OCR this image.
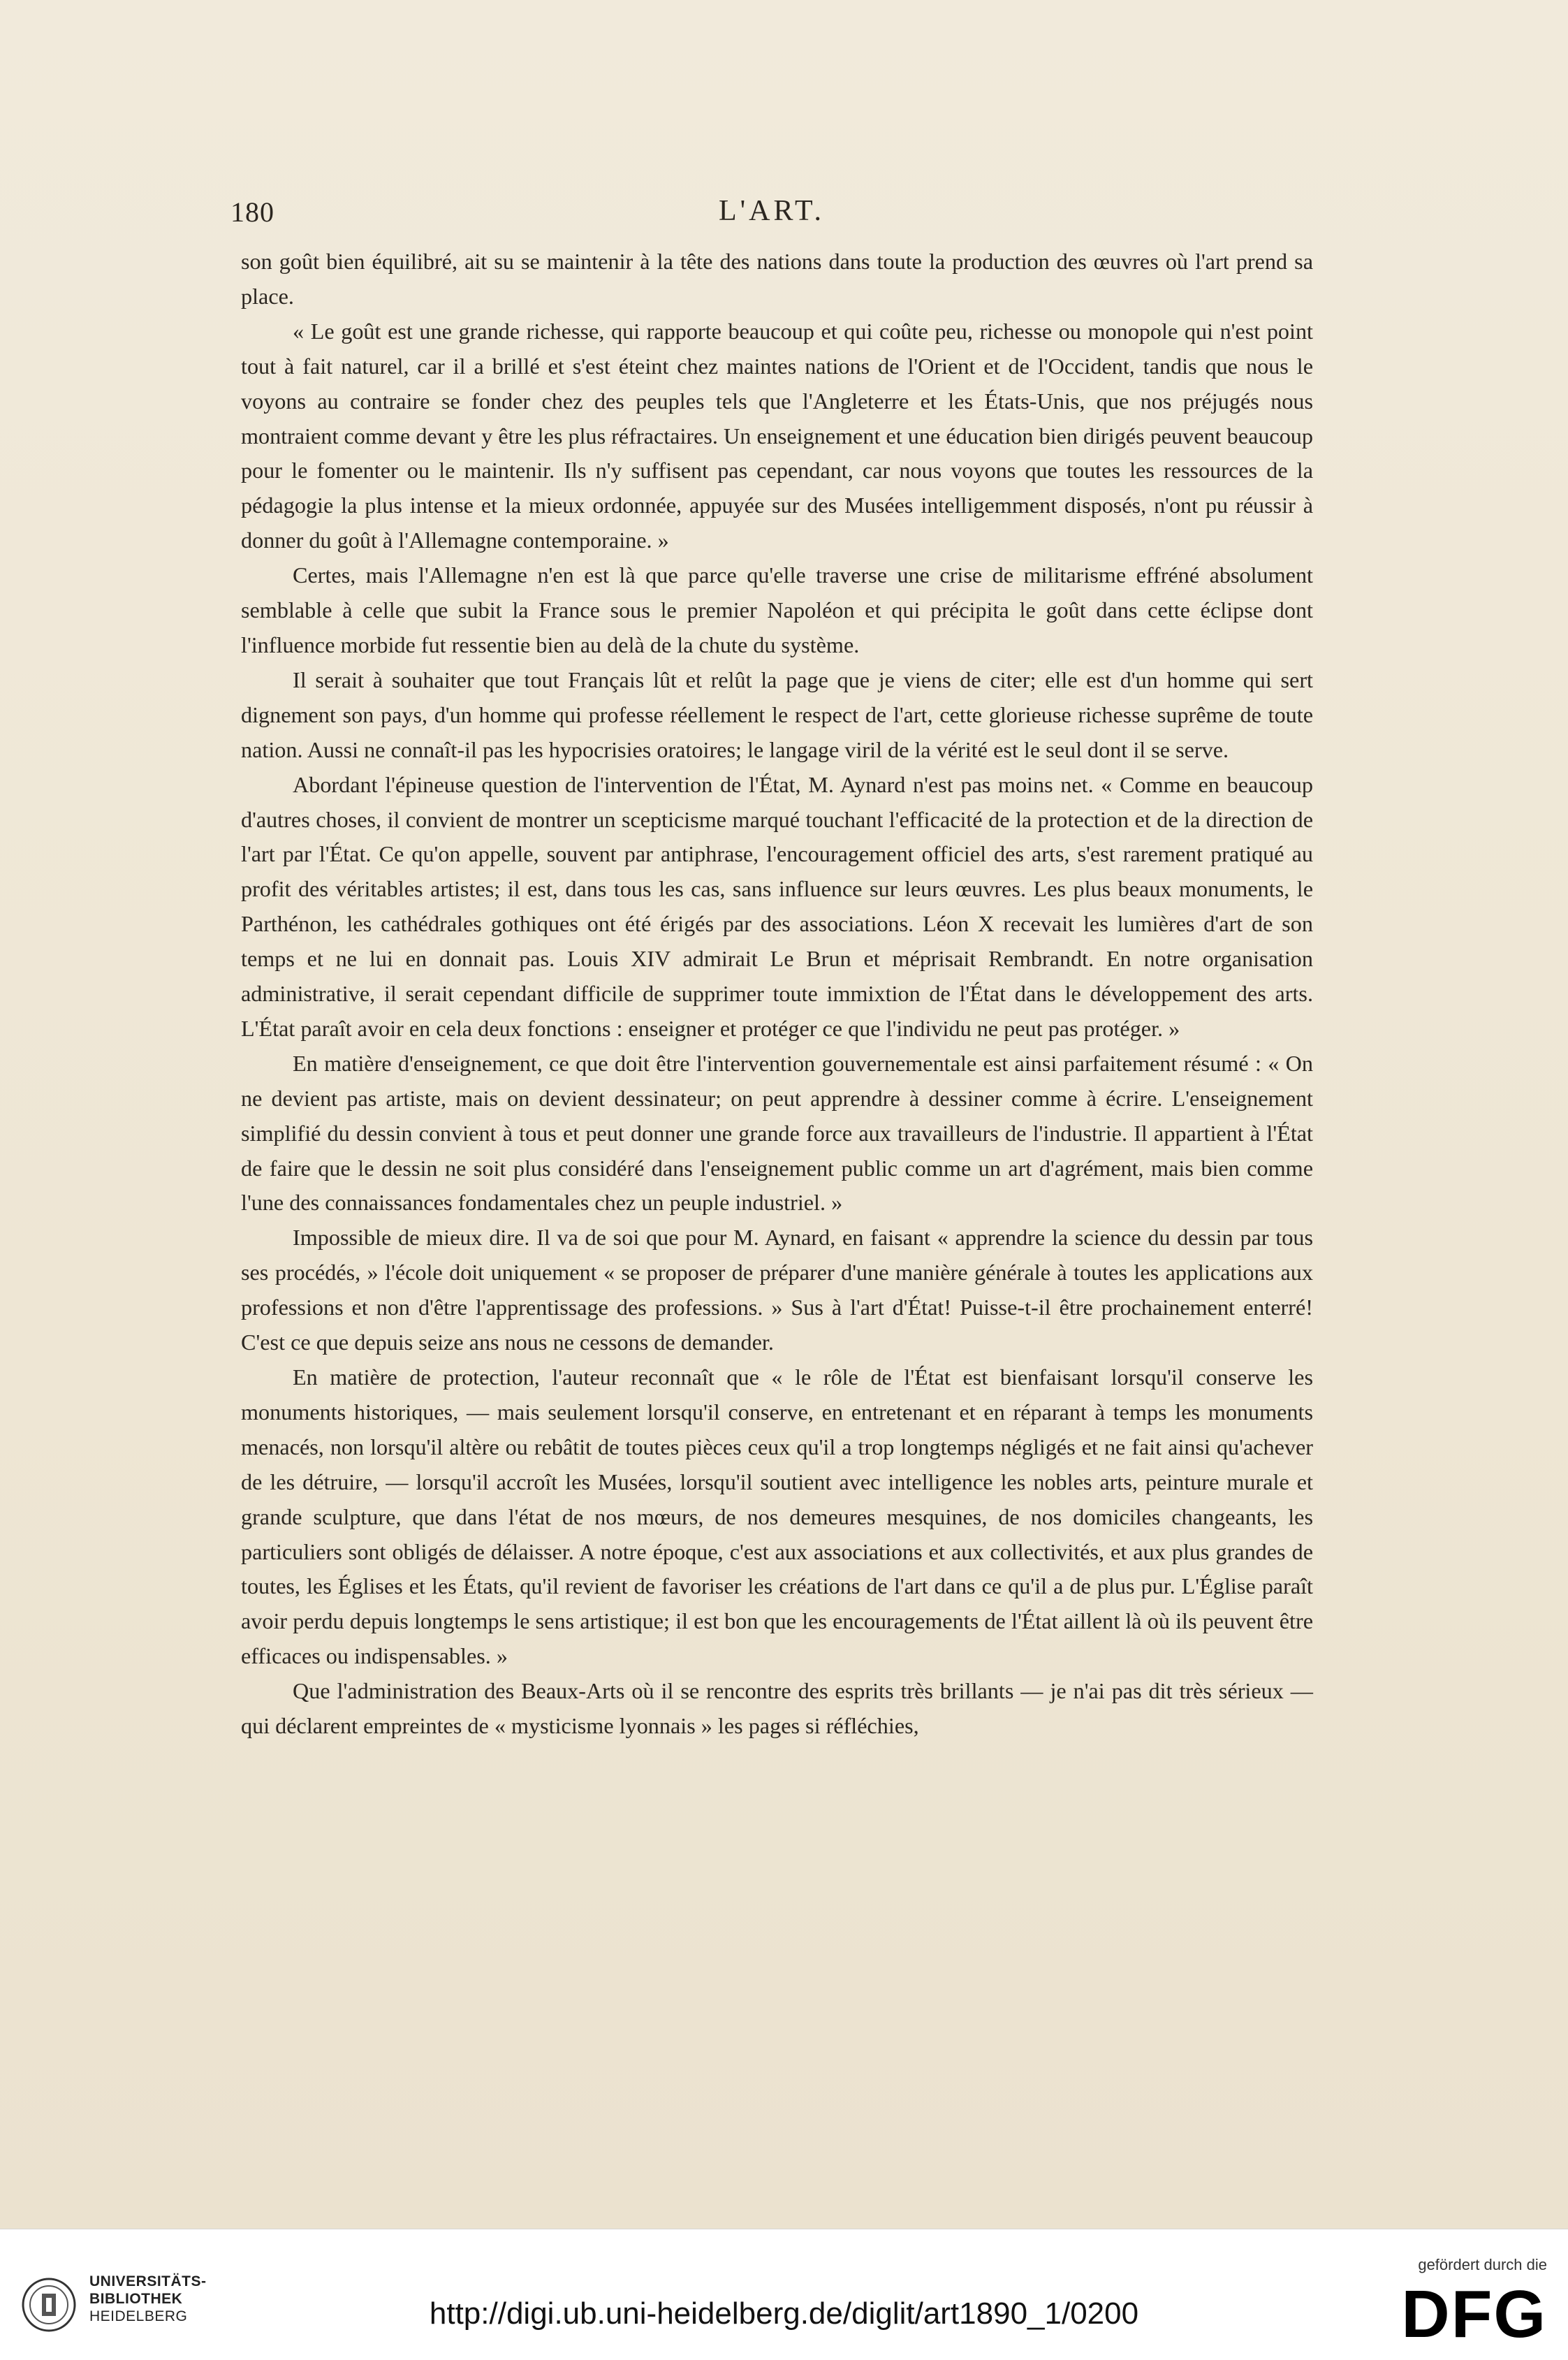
180	L'ART.

son goût bien équilibré, ait su se maintenir à la tête des nations dans toute la production des œuvres où l'art prend sa place.

« Le goût est une grande richesse, qui rapporte beaucoup et qui coûte peu, richesse ou monopole qui n'est point tout à fait naturel, car il a brillé et s'est éteint chez maintes nations de l'Orient et de l'Occident, tandis que nous le voyons au contraire se fonder chez des peuples tels que l'Angleterre et les États-Unis, que nos préjugés nous montraient comme devant y être les plus réfractaires. Un enseignement et une éducation bien dirigés peuvent beaucoup pour le fomenter ou le maintenir. Ils n'y suffisent pas cependant, car nous voyons que toutes les ressources de la pédagogie la plus intense et la mieux ordonnée, appuyée sur des Musées intelligemment disposés, n'ont pu réussir à donner du goût à l'Allemagne contemporaine. »

Certes, mais l'Allemagne n'en est là que parce qu'elle traverse une crise de militarisme effréné absolument semblable à celle que subit la France sous le premier Napoléon et qui précipita le goût dans cette éclipse dont l'influence morbide fut ressentie bien au delà de la chute du système.

Il serait à souhaiter que tout Français lût et relût la page que je viens de citer; elle est d'un homme qui sert dignement son pays, d'un homme qui professe réellement le respect de l'art, cette glorieuse richesse suprême de toute nation. Aussi ne connaît-il pas les hypocrisies oratoires; le langage viril de la vérité est le seul dont il se serve.

Abordant l'épineuse question de l'intervention de l'État, M. Aynard n'est pas moins net. « Comme en beaucoup d'autres choses, il convient de montrer un scepticisme marqué touchant l'efficacité de la protection et de la direction de l'art par l'État. Ce qu'on appelle, souvent par antiphrase, l'encouragement officiel des arts, s'est rarement pratiqué au profit des véritables artistes; il est, dans tous les cas, sans influence sur leurs œuvres. Les plus beaux monuments, le Parthénon, les cathédrales gothiques ont été érigés par des associations. Léon X recevait les lumières d'art de son temps et ne lui en donnait pas. Louis XIV admirait Le Brun et méprisait Rembrandt. En notre organisation administrative, il serait cependant difficile de supprimer toute immixtion de l'État dans le développement des arts. L'État paraît avoir en cela deux fonctions : enseigner et protéger ce que l'individu ne peut pas protéger. »

En matière d'enseignement, ce que doit être l'intervention gouvernementale est ainsi parfaitement résumé : « On ne devient pas artiste, mais on devient dessinateur; on peut apprendre à dessiner comme à écrire. L'enseignement simplifié du dessin convient à tous et peut donner une grande force aux travailleurs de l'industrie. Il appartient à l'État de faire que le dessin ne soit plus considéré dans l'enseignement public comme un art d'agrément, mais bien comme l'une des connaissances fondamentales chez un peuple industriel. »

Impossible de mieux dire. Il va de soi que pour M. Aynard, en faisant « apprendre la science du dessin par tous ses procédés, » l'école doit uniquement « se proposer de préparer d'une manière générale à toutes les applications aux professions et non d'être l'apprentissage des professions. » Sus à l'art d'État! Puisse-t-il être prochainement enterré! C'est ce que depuis seize ans nous ne cessons de demander.

En matière de protection, l'auteur reconnaît que « le rôle de l'État est bienfaisant lorsqu'il conserve les monuments historiques, — mais seulement lorsqu'il conserve, en entretenant et en réparant à temps les monuments menacés, non lorsqu'il altère ou rebâtit de toutes pièces ceux qu'il a trop longtemps négligés et ne fait ainsi qu'achever de les détruire, — lorsqu'il accroît les Musées, lorsqu'il soutient avec intelligence les nobles arts, peinture murale et grande sculpture, que dans l'état de nos mœurs, de nos demeures mesquines, de nos domiciles changeants, les particuliers sont obligés de délaisser. A notre époque, c'est aux associations et aux collectivités, et aux plus grandes de toutes, les Églises et les États, qu'il revient de favoriser les créations de l'art dans ce qu'il a de plus pur. L'Église paraît avoir perdu depuis longtemps le sens artistique; il est bon que les encouragements de l'État aillent là où ils peuvent être efficaces ou indispensables. »

Que l'administration des Beaux-Arts où il se rencontre des esprits très brillants — je n'ai pas dit très sérieux — qui déclarent empreintes de « mysticisme lyonnais » les pages si réfléchies,

UNIVERSITÄTS-
BIBLIOTHEK
HEIDELBERG	http://digi.ub.uni-heidelberg.de/diglit/art1890_1/0200
gefördert durch die
DFG
